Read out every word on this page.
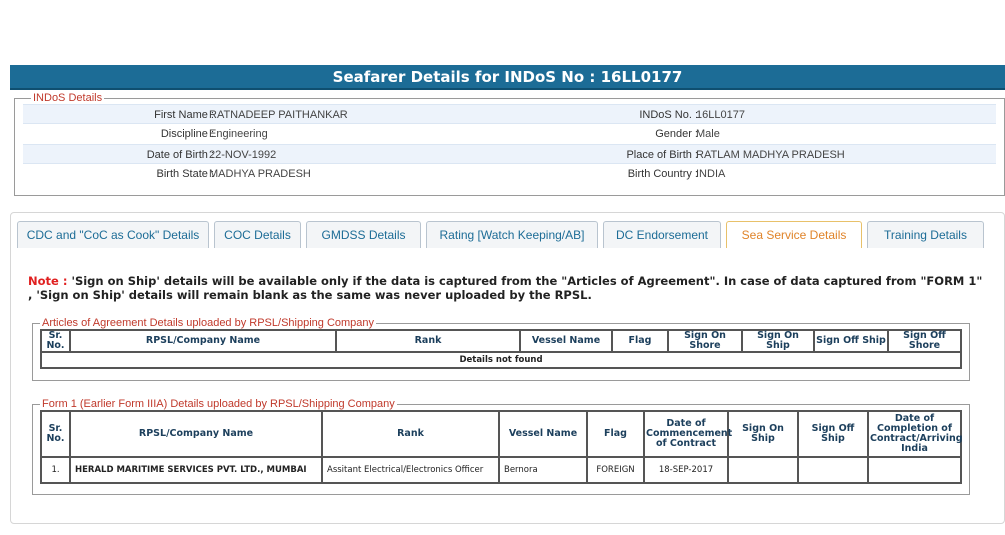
Seafarer Details for INDoS No : 16LL0177
INDoS Details
First Name :
RATNADEEP PAITHANKAR	INDoS No. :
16LL0177
Discipline :
Engineering	Gender :
Male
Date of Birth :
22-NOV-1992	Place of Birth :
RATLAM MADHYA PRADESH
Birth State :
MADHYA PRADESH	Birth Country :
INDIA
CDC and "CoC as Cook" Details	COC Details	GMDSS Details	Rating [Watch Keeping/AB]	DC Endorsement	Sea Service Details	Training Details
Note : 'Sign on Ship' details will be available only if the data is captured from the "Articles of Agreement". In case of data captured from "FORM 1" , 'Sign on Ship' details will remain blank as the same was never uploaded by the RPSL.
Articles of Agreement Details uploaded by RPSL/Shipping Company
Sr. No.	RPSL/Company Name	Rank	Vessel Name	Flag	Sign On Shore	Sign On Ship	Sign Off Ship	Sign Off Shore
Details not found
Form 1 (Earlier Form IIIA) Details uploaded by RPSL/Shipping Company
Sr. No.	RPSL/Company Name	Rank	Vessel Name	Flag	Date of Commencement of Contract	Sign On Ship	Sign Off Ship	Date of Completion of Contract/Arriving India
1.	HERALD MARITIME SERVICES PVT. LTD., MUMBAI	Assitant Electrical/Electronics Officer	Bernora	FOREIGN	18-SEP-2017			
